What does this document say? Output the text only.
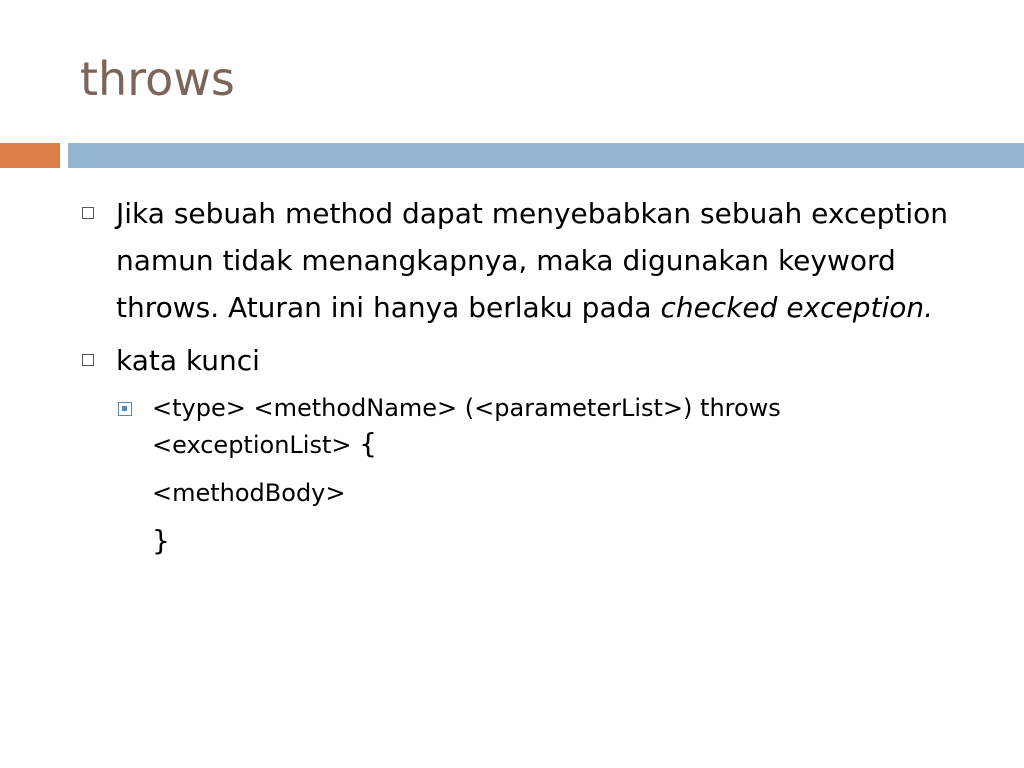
throws
Jika sebuah method dapat menyebabkan sebuah exception namun tidak menangkapnya, maka digunakan keyword throws. Aturan ini hanya berlaku pada checked exception.
kata kunci
<type> <methodName> (<parameterList>) throws <exceptionList> {
<methodBody>
}
